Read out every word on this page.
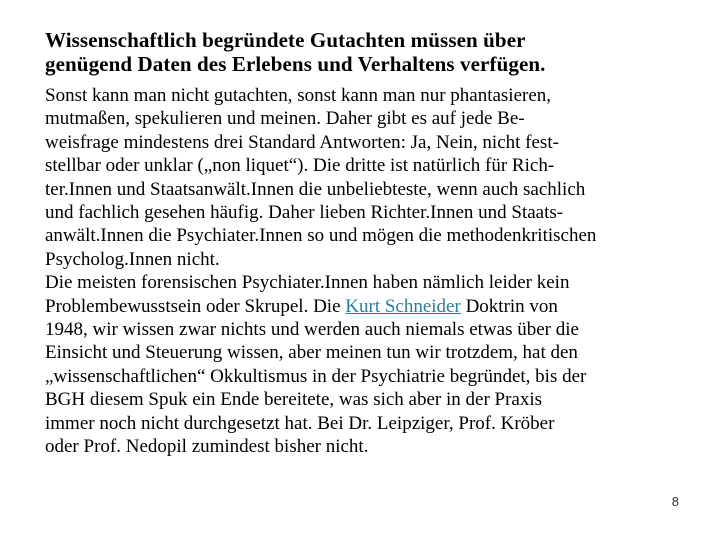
Wissenschaftlich begründete Gutachten müssen über
genügend Daten des Erlebens und Verhaltens verfügen.
Sonst kann man nicht gutachten, sonst kann man nur phantasieren,
mutmaßen, spekulieren und meinen. Daher gibt es auf jede Be-
weisfrage mindestens drei Standard Antworten: Ja, Nein, nicht fest-
stellbar oder unklar („non liquet“). Die dritte ist natürlich für Rich-
ter.Innen und Staatsanwält.Innen die unbeliebteste, wenn auch sachlich
und fachlich gesehen häufig. Daher lieben Richter.Innen und Staats-
anwält.Innen die Psychiater.Innen so und mögen die methodenkritischen
Psycholog.Innen nicht.
Die meisten forensischen Psychiater.Innen haben nämlich leider kein
Problembewusstsein oder Skrupel. Die Kurt Schneider Doktrin von
1948, wir wissen zwar nichts und werden auch niemals etwas über die
Einsicht und Steuerung wissen, aber meinen tun wir trotzdem, hat den
„wissenschaftlichen“ Okkultismus in der Psychiatrie begründet, bis der
BGH diesem Spuk ein Ende bereitete, was sich aber in der Praxis
immer noch nicht durchgesetzt hat. Bei Dr. Leipziger, Prof. Kröber
oder Prof. Nedopil zumindest bisher nicht.
8
